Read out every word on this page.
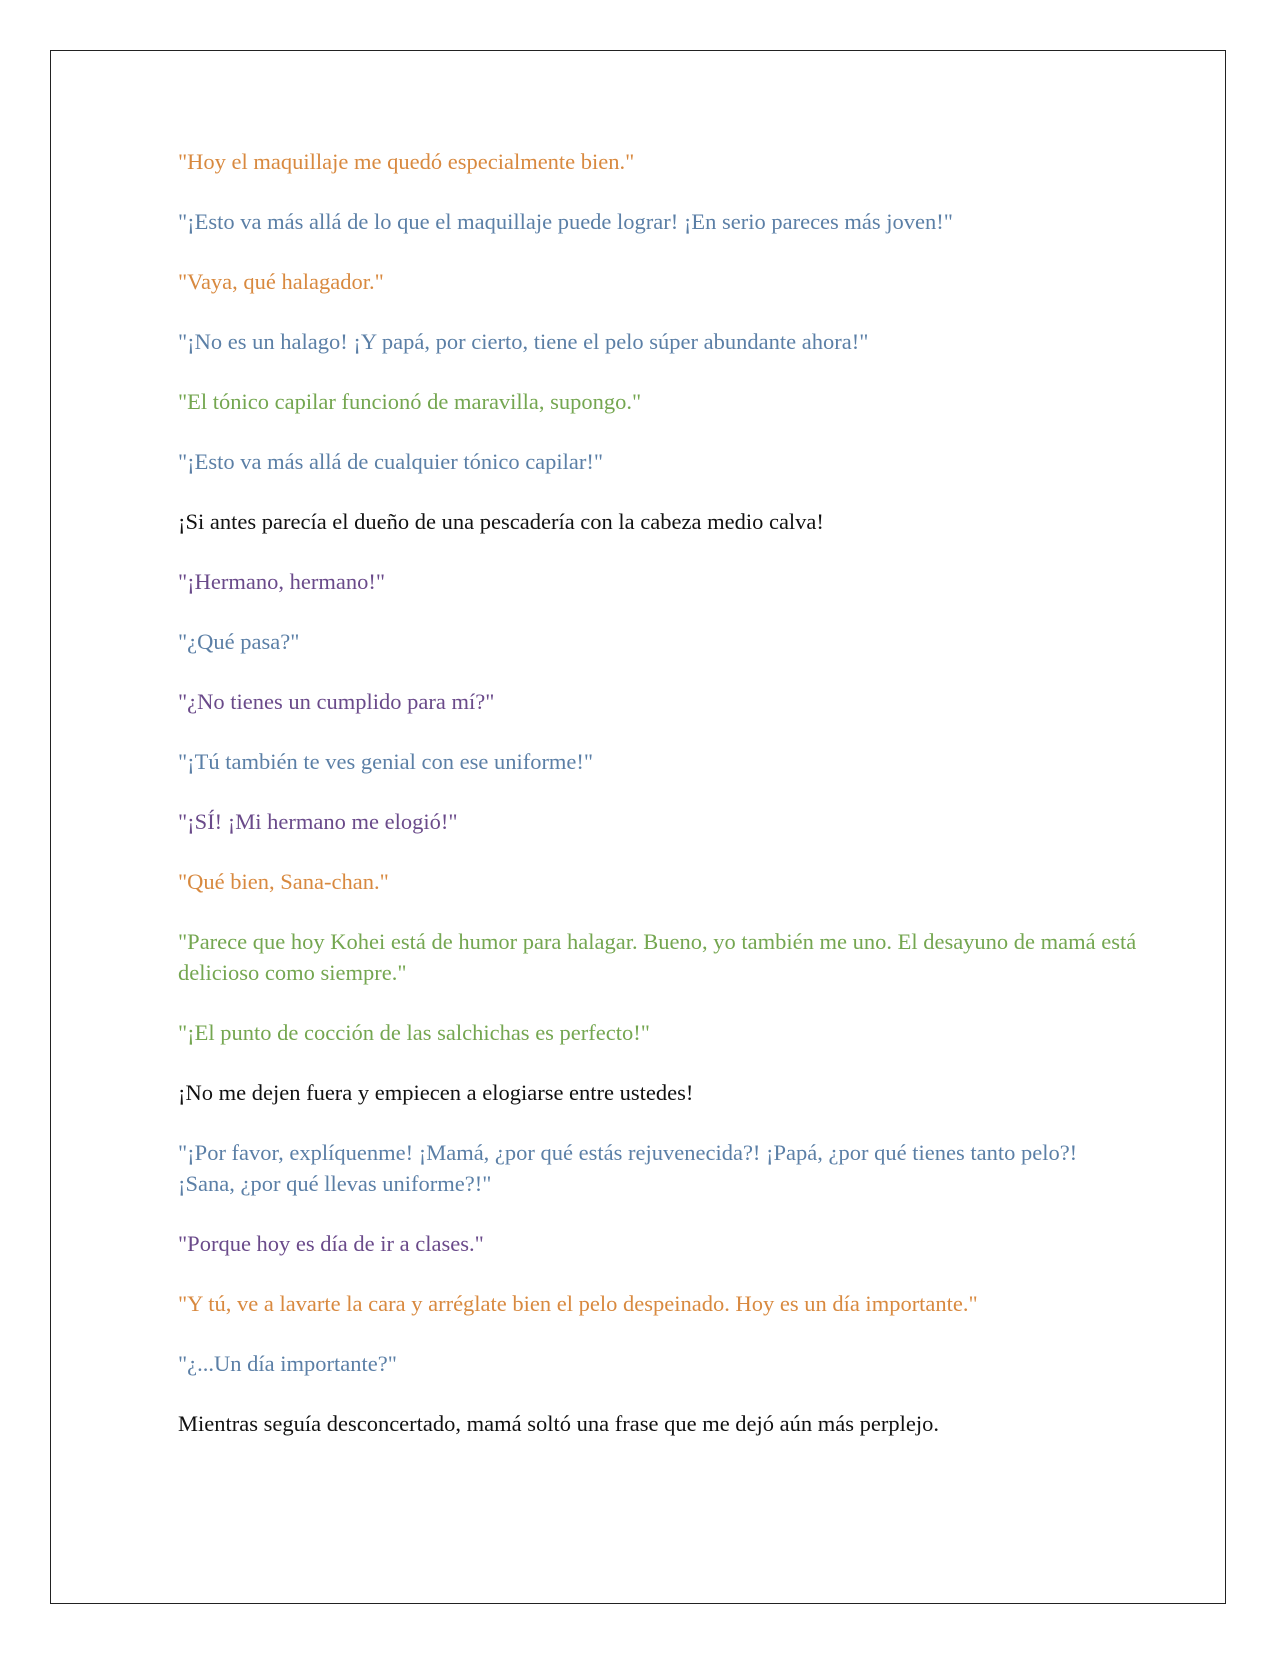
"Hoy el maquillaje me quedó especialmente bien."

"¡Esto va más allá de lo que el maquillaje puede lograr! ¡En serio pareces más joven!"

"Vaya, qué halagador."

"¡No es un halago! ¡Y papá, por cierto, tiene el pelo súper abundante ahora!"

"El tónico capilar funcionó de maravilla, supongo."

"¡Esto va más allá de cualquier tónico capilar!"

¡Si antes parecía el dueño de una pescadería con la cabeza medio calva!

"¡Hermano, hermano!"

"¿Qué pasa?"

"¿No tienes un cumplido para mí?"

"¡Tú también te ves genial con ese uniforme!"

"¡SÍ! ¡Mi hermano me elogió!"

"Qué bien, Sana-chan."

"Parece que hoy Kohei está de humor para halagar. Bueno, yo también me uno. El desayuno de mamá está delicioso como siempre."

"¡El punto de cocción de las salchichas es perfecto!"

¡No me dejen fuera y empiecen a elogiarse entre ustedes!

"¡Por favor, explíquenme! ¡Mamá, ¿por qué estás rejuvenecida?! ¡Papá, ¿por qué tienes tanto pelo?! ¡Sana, ¿por qué llevas uniforme?!"

"Porque hoy es día de ir a clases."

"Y tú, ve a lavarte la cara y arréglate bien el pelo despeinado. Hoy es un día importante."

"¿...Un día importante?"

Mientras seguía desconcertado, mamá soltó una frase que me dejó aún más perplejo.
